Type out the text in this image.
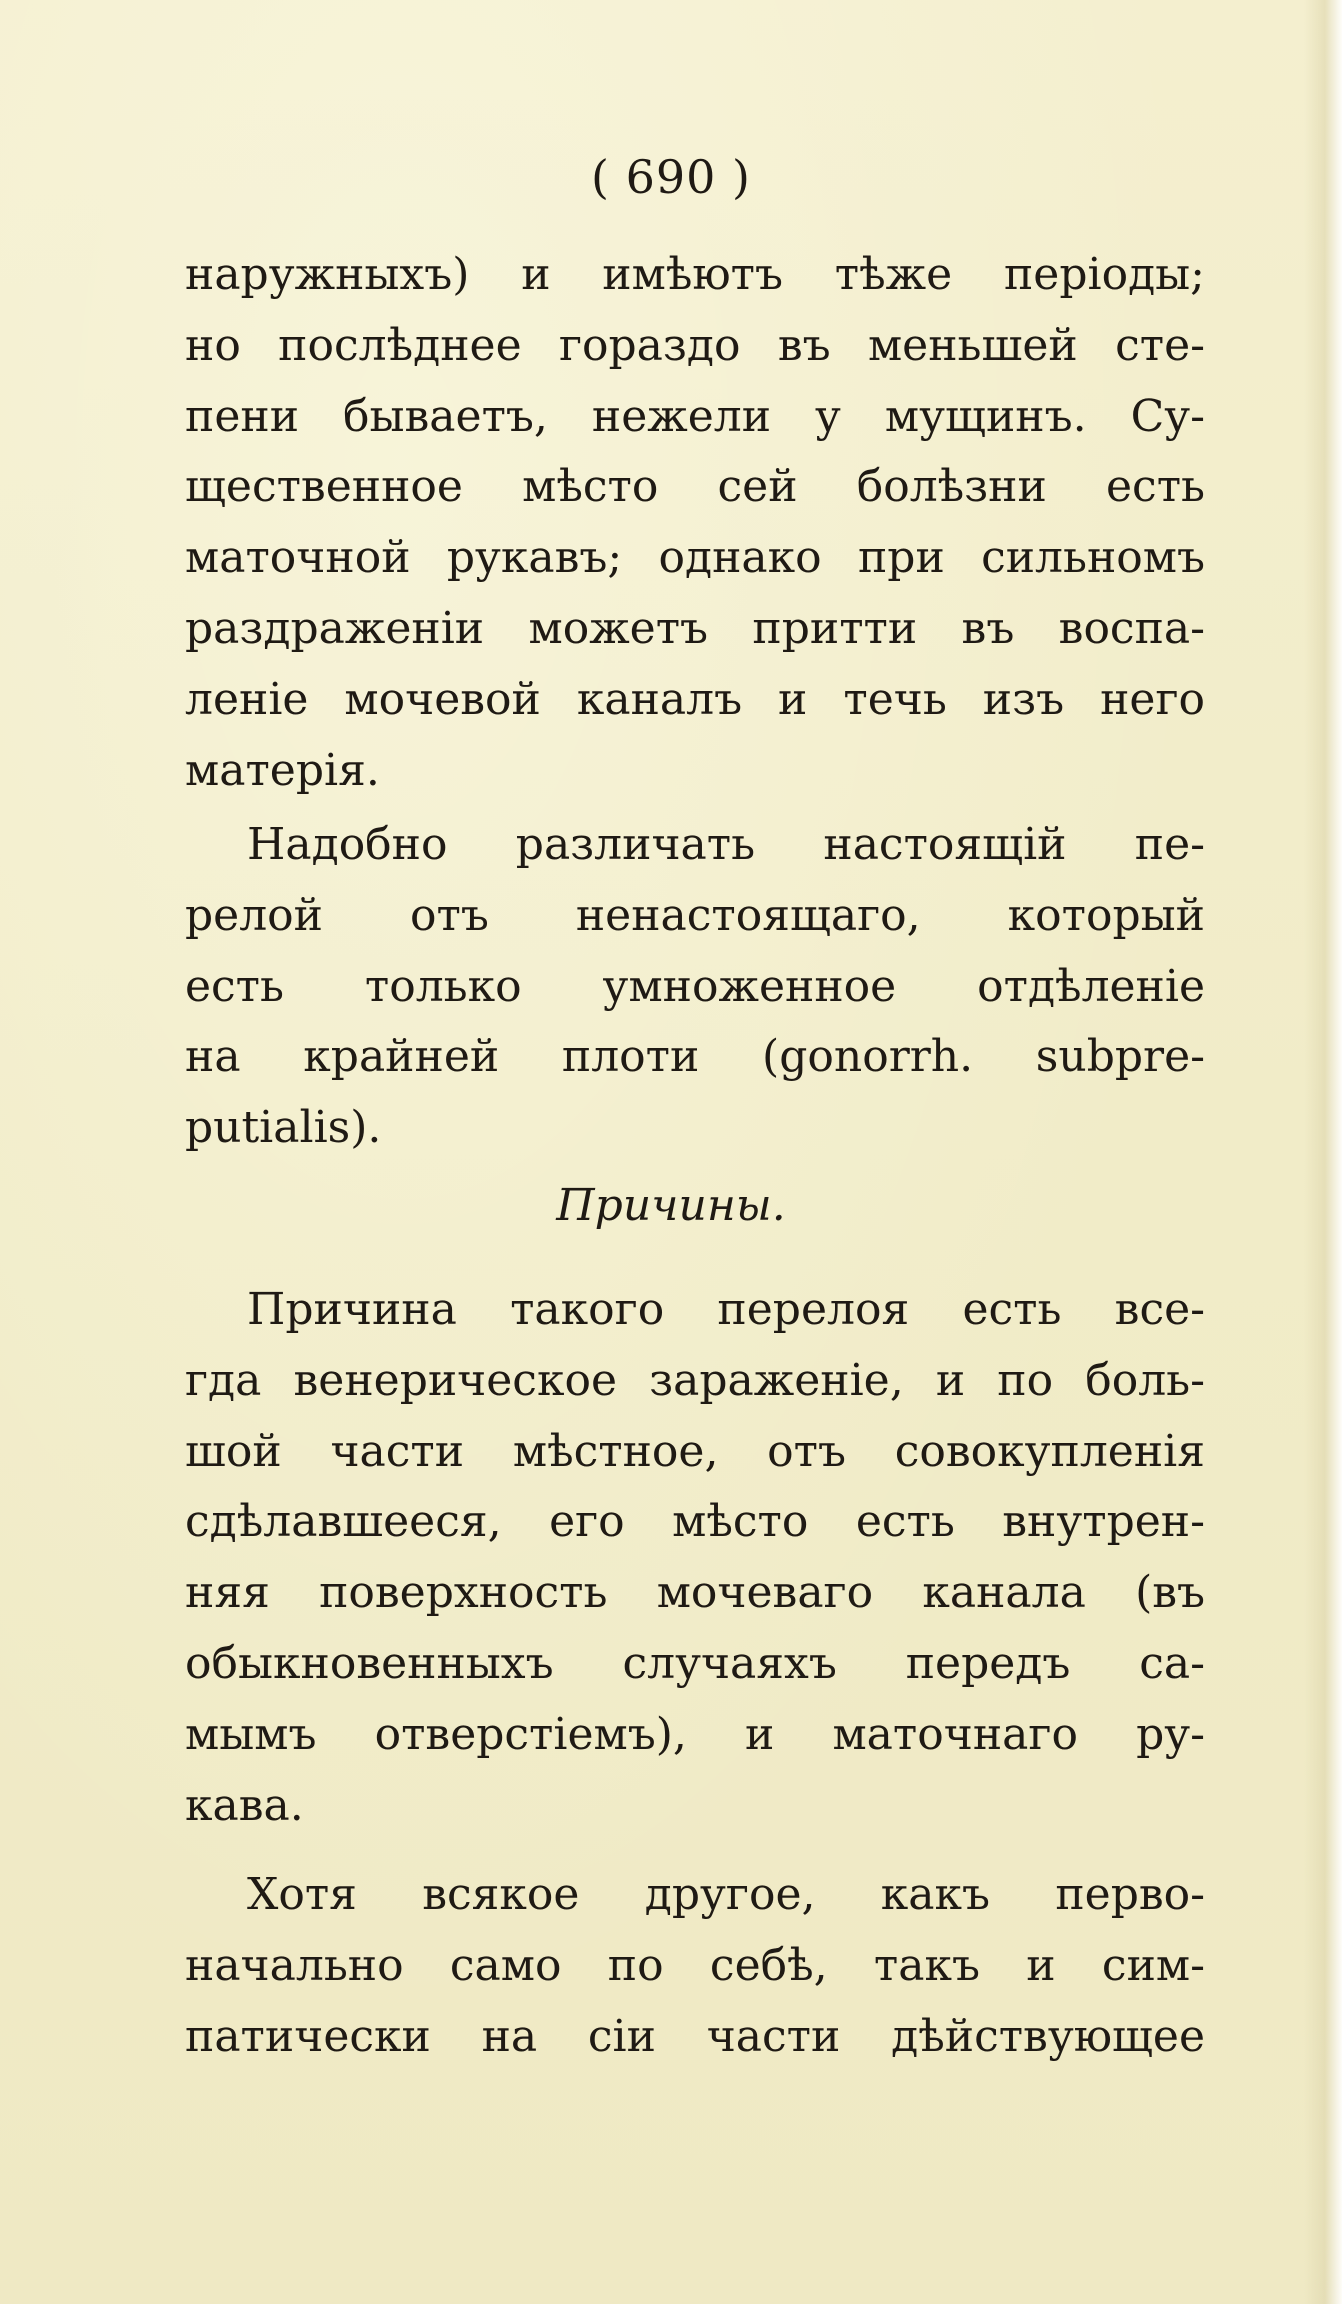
( 690 )
наружныхъ) и имѣютъ тѣже перiоды;
но послѣднее гораздо въ меньшей сте-
пени бываетъ, нежели у мущинъ. Су-
щественное мѣсто сей болѣзни есть
маточной рукавъ; однако при сильномъ
раздраженiи можетъ притти въ воспа-
ленiе мочевой каналъ и течь изъ него
матерiя.
Надобно различать настоящiй пе-
релой отъ ненастоящаго, который
есть только умноженное отдѣленiе
на крайней плоти (gonorrh. subpre-
putialis).
Причины.
Причина такого перелоя есть все-
гда венерическое зараженiе, и по боль-
шой части мѣстное, отъ совокупленiя
сдѣлавшееся, его мѣсто есть внутрен-
няя поверхность мочеваго канала (въ
обыкновенныхъ случаяхъ передъ са-
мымъ отверстiемъ), и маточнаго ру-
кава.
Хотя всякое другое, какъ перво-
начально само по себѣ, такъ и сим-
патически на сiи части дѣйствующее
